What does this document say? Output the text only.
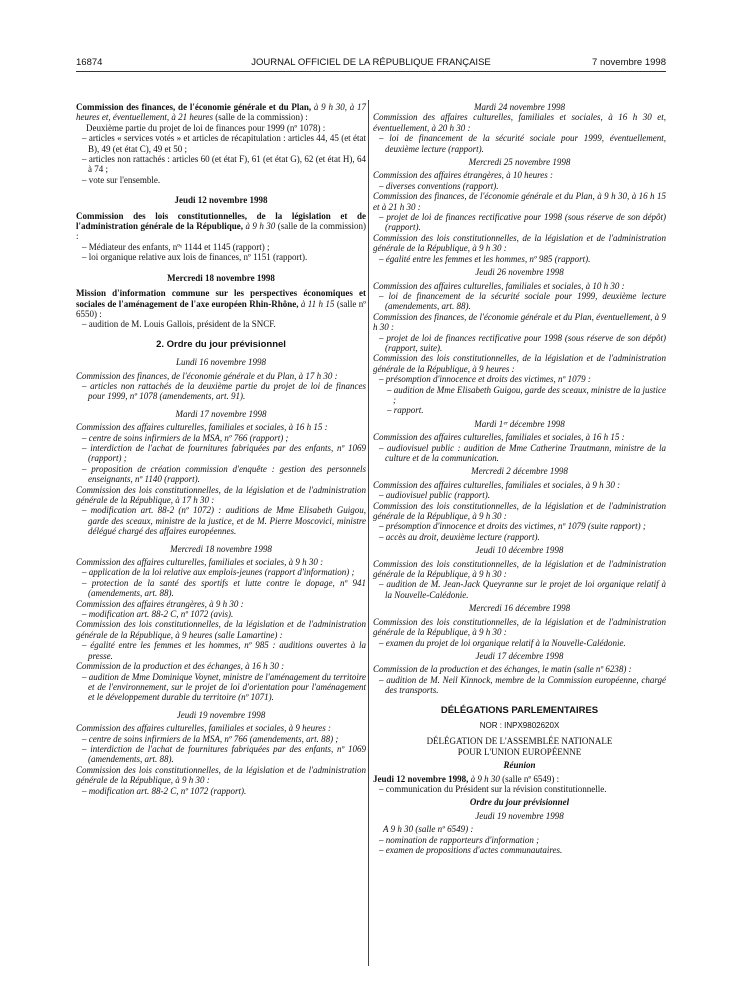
16874	JOURNAL OFFICIEL DE LA RÉPUBLIQUE FRANÇAISE	7 novembre 1998

Commission des finances, de l'économie générale et du Plan, à 9 h 30, à 17 heures et, éventuellement, à 21 heures (salle de la commission) :

Deuxième partie du projet de loi de finances pour 1999 (nº 1078) :

– articles « services votés » et articles de récapitulation : articles 44, 45 (et état B), 49 (et état C), 49 et 50 ;

– articles non rattachés : articles 60 (et état F), 61 (et état G), 62 (et état H), 64 à 74 ;

– vote sur l'ensemble.

Jeudi 12 novembre 1998

Commission des lois constitutionnelles, de la législation et de l'administration générale de la République, à 9 h 30 (salle de la commission) :

– Médiateur des enfants, nºˢ 1144 et 1145 (rapport) ;

– loi organique relative aux lois de finances, nº 1151 (rapport).

Mercredi 18 novembre 1998

Mission d'information commune sur les perspectives économiques et sociales de l'aménagement de l'axe européen Rhin-Rhône, à 11 h 15 (salle nº 6550) :

– audition de M. Louis Gallois, président de la SNCF.

2. Ordre du jour prévisionnel

Lundi 16 novembre 1998

Commission des finances, de l'économie générale et du Plan, à 17 h 30 :

– articles non rattachés de la deuxième partie du projet de loi de finances pour 1999, nº 1078 (amendements, art. 91).

Mardi 17 novembre 1998

Commission des affaires culturelles, familiales et sociales, à 16 h 15 :

– centre de soins infirmiers de la MSA, nº 766 (rapport) ;

– interdiction de l'achat de fournitures fabriquées par des enfants, nº 1069 (rapport) ;

– proposition de création commission d'enquête : gestion des personnels enseignants, nº 1140 (rapport).

Commission des lois constitutionnelles, de la législation et de l'administration générale de la République, à 17 h 30 :

– modification art. 88-2 (nº 1072) : auditions de Mme Elisabeth Guigou, garde des sceaux, ministre de la justice, et de M. Pierre Moscovici, ministre délégué chargé des affaires européennes.

Mercredi 18 novembre 1998

Commission des affaires culturelles, familiales et sociales, à 9 h 30 :

– application de la loi relative aux emplois-jeunes (rapport d'information) ;

– protection de la santé des sportifs et lutte contre le dopage, nº 941 (amendements, art. 88).

Commission des affaires étrangères, à 9 h 30 :

– modification art. 88-2 C, nº 1072 (avis).

Commission des lois constitutionnelles, de la législation et de l'administration générale de la République, à 9 heures (salle Lamartine) :

– égalité entre les femmes et les hommes, nº 985 : auditions ouvertes à la presse.

Commission de la production et des échanges, à 16 h 30 :

– audition de Mme Dominique Voynet, ministre de l'aménagement du territoire et de l'environnement, sur le projet de loi d'orientation pour l'aménagement et le développement durable du territoire (nº 1071).

Jeudi 19 novembre 1998

Commission des affaires culturelles, familiales et sociales, à 9 heures :

– centre de soins infirmiers de la MSA, nº 766 (amendements, art. 88) ;

– interdiction de l'achat de fournitures fabriquées par des enfants, nº 1069 (amendements, art. 88).

Commission des lois constitutionnelles, de la législation et de l'administration générale de la République, à 9 h 30 :

– modification art. 88-2 C, nº 1072 (rapport).

Mardi 24 novembre 1998

Commission des affaires culturelles, familiales et sociales, à 16 h 30 et, éventuellement, à 20 h 30 :

– loi de financement de la sécurité sociale pour 1999, éventuellement, deuxième lecture (rapport).

Mercredi 25 novembre 1998

Commission des affaires étrangères, à 10 heures :

– diverses conventions (rapport).

Commission des finances, de l'économie générale et du Plan, à 9 h 30, à 16 h 15 et à 21 h 30 :

– projet de loi de finances rectificative pour 1998 (sous réserve de son dépôt) (rapport).

Commission des lois constitutionnelles, de la législation et de l'administration générale de la République, à 9 h 30 :

– égalité entre les femmes et les hommes, nº 985 (rapport).

Jeudi 26 novembre 1998

Commission des affaires culturelles, familiales et sociales, à 10 h 30 :

– loi de financement de la sécurité sociale pour 1999, deuxième lecture (amendements, art. 88).

Commission des finances, de l'économie générale et du Plan, éventuellement, à 9 h 30 :

– projet de loi de finances rectificative pour 1998 (sous réserve de son dépôt) (rapport, suite).

Commission des lois constitutionnelles, de la législation et de l'administration générale de la République, à 9 heures :

– présomption d'innocence et droits des victimes, nº 1079 :

– audition de Mme Elisabeth Guigou, garde des sceaux, ministre de la justice ;

– rapport.

Mardi 1ᵉʳ décembre 1998

Commission des affaires culturelles, familiales et sociales, à 16 h 15 :

– audiovisuel public : audition de Mme Catherine Trautmann, ministre de la culture et de la communication.

Mercredi 2 décembre 1998

Commission des affaires culturelles, familiales et sociales, à 9 h 30 :

– audiovisuel public (rapport).

Commission des lois constitutionnelles, de la législation et de l'administration générale de la République, à 9 h 30 :

– présomption d'innocence et droits des victimes, nº 1079 (suite rapport) ;

– accès au droit, deuxième lecture (rapport).

Jeudi 10 décembre 1998

Commission des lois constitutionnelles, de la législation et de l'administration générale de la République, à 9 h 30 :

– audition de M. Jean-Jack Queyranne sur le projet de loi organique relatif à la Nouvelle-Calédonie.

Mercredi 16 décembre 1998

Commission des lois constitutionnelles, de la législation et de l'administration générale de la République, à 9 h 30 :

– examen du projet de loi organique relatif à la Nouvelle-Calédonie.

Jeudi 17 décembre 1998

Commission de la production et des échanges, le matin (salle nº 6238) :

– audition de M. Neil Kinnock, membre de la Commission européenne, chargé des transports.

DÉLÉGATIONS PARLEMENTAIRES

NOR : INPX9802620X

DÉLÉGATION DE L'ASSEMBLÉE NATIONALE

POUR L'UNION EUROPÉENNE

Réunion

Jeudi 12 novembre 1998, à 9 h 30 (salle nº 6549) :

– communication du Président sur la révision constitutionnelle.

Ordre du jour prévisionnel

Jeudi 19 novembre 1998

A 9 h 30 (salle nº 6549) :

– nomination de rapporteurs d'information ;

– examen de propositions d'actes communautaires.
